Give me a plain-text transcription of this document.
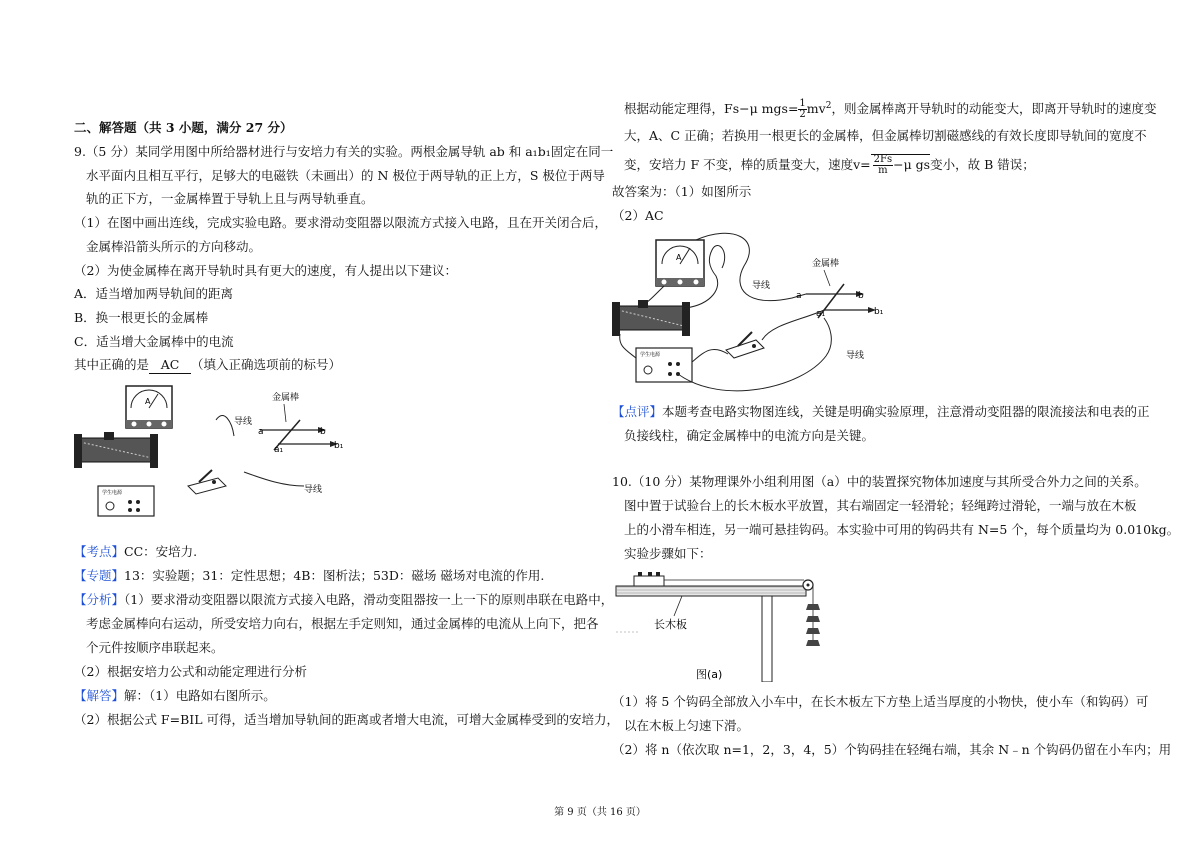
二、解答题（共 3 小题，满分 27 分）
9.（5 分）某同学用图中所给器材进行与安培力有关的实验。两根金属导轨 ab 和 a₁b₁固定在同一
水平面内且相互平行，足够大的电磁铁（未画出）的 N 极位于两导轨的正上方，S 极位于两导
轨的正下方，一金属棒置于导轨上且与两导轨垂直。
（1）在图中画出连线，完成实验电路。要求滑动变阻器以限流方式接入电路，且在开关闭合后，
金属棒沿箭头所示的方向移动。
（2）为使金属棒在离开导轨时具有更大的速度，有人提出以下建议：
A．适当增加两导轨间的距离
B．换一根更长的金属棒
C．适当增大金属棒中的电流
其中正确的是 AC （填入正确选项前的标号）
A
学生电源
导线
导线
金属棒
a	b
a₁	b₁
【考点】CC：安培力.
【专题】13：实验题；31：定性思想；4B：图析法；53D：磁场 磁场对电流的作用.
【分析】（1）要求滑动变阻器以限流方式接入电路，滑动变阻器按一上一下的原则串联在电路中，
考虑金属棒向右运动，所受安培力向右，根据左手定则知，通过金属棒的电流从上向下，把各
个元件按顺序串联起来。
（2）根据安培力公式和动能定理进行分析
【解答】解：（1）电路如右图所示。
（2）根据公式 F=BIL 可得，适当增加导轨间的距离或者增大电流，可增大金属棒受到的安培力，
根据动能定理得，Fs−μ $mgs= \frac{1}{2} mv^2$，则金属棒离开导轨时的动能变大，即离开导轨时的速度变
大，A、C 正确；若换用一根更长的金属棒，但金属棒切割磁感线的有效长度即导轨间的宽度不
变，安培力 F 不变，棒的质量变大，速度$v= \frac{2Fs}{m} -\mu$ gs变小，故 B 错误；
故答案为：（1）如图所示
（2）AC
A
学生电源
导线
导线
金属棒
a	b
a₁	b₁
【点评】本题考查电路实物图连线，关键是明确实验原理，注意滑动变阻器的限流接法和电表的正
负接线柱，确定金属棒中的电流方向是关键。
10.（10 分）某物理课外小组利用图（a）中的装置探究物体加速度与其所受合外力之间的关系。
图中置于试验台上的长木板水平放置，其右端固定一轻滑轮；轻绳跨过滑轮，一端与放在木板
上的小滑车相连，另一端可悬挂钩码。本实验中可用的钩码共有 N=5 个，每个质量均为 0.010kg。
实验步骤如下：
长木板
图(a)
（1）将 5 个钩码全部放入小车中，在长木板左下方垫上适当厚度的小物快，使小车（和钩码）可
以在木板上匀速下滑。
（2）将 n（依次取 n=1，2，3，4，5）个钩码挂在轻绳右端，其余 N﹣n 个钩码仍留在小车内；用
第 9 页（共 16 页）
